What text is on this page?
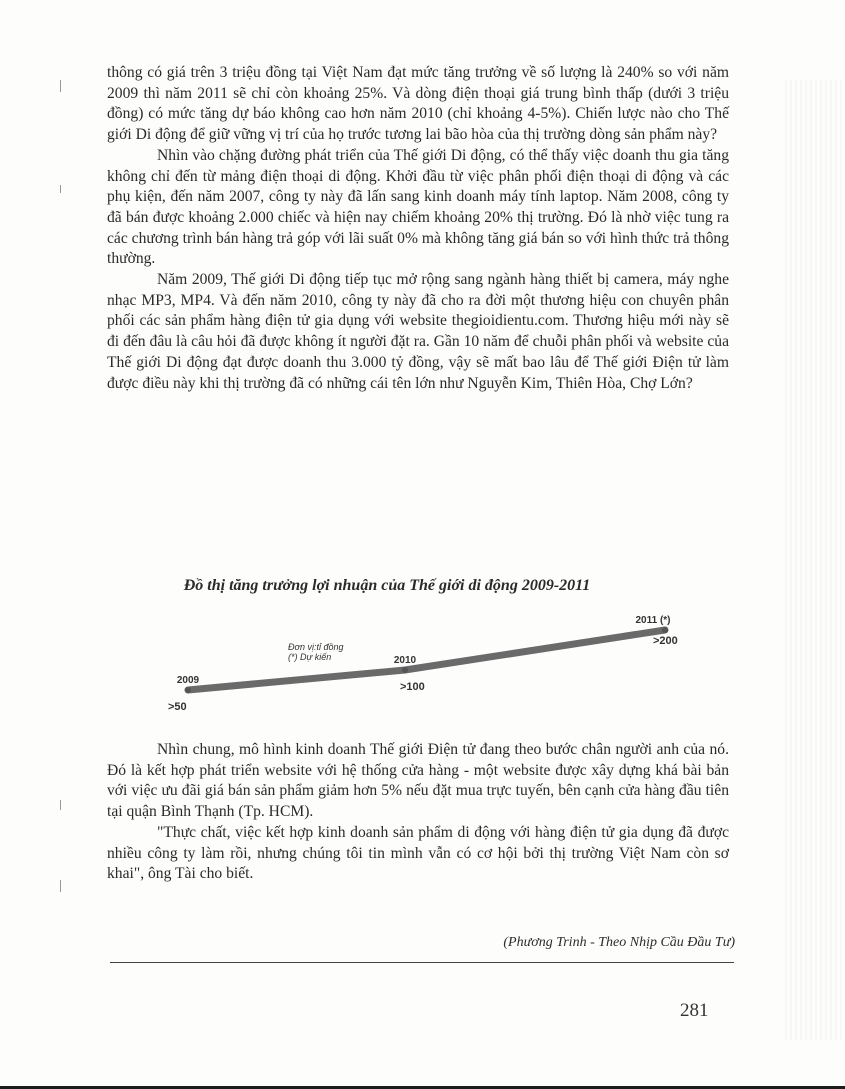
thông có giá trên 3 triệu đồng tại Việt Nam đạt mức tăng trưởng về số lượng là 240% so với năm 2009 thì năm 2011 sẽ chỉ còn khoảng 25%. Và dòng điện thoại giá trung bình thấp (dưới 3 triệu đồng) có mức tăng dự báo không cao hơn năm 2010 (chỉ khoảng 4-5%). Chiến lược nào cho Thế giới Di động để giữ vững vị trí của họ trước tương lai bão hòa của thị trường dòng sản phẩm này?

Nhìn vào chặng đường phát triển của Thế giới Di động, có thể thấy việc doanh thu gia tăng không chỉ đến từ mảng điện thoại di động. Khởi đầu từ việc phân phối điện thoại di động và các phụ kiện, đến năm 2007, công ty này đã lấn sang kinh doanh máy tính laptop. Năm 2008, công ty đã bán được khoảng 2.000 chiếc và hiện nay chiếm khoảng 20% thị trường. Đó là nhờ việc tung ra các chương trình bán hàng trả góp với lãi suất 0% mà không tăng giá bán so với hình thức trả thông thường.

Năm 2009, Thế giới Di động tiếp tục mở rộng sang ngành hàng thiết bị camera, máy nghe nhạc MP3, MP4. Và đến năm 2010, công ty này đã cho ra đời một thương hiệu con chuyên phân phối các sản phẩm hàng điện tử gia dụng với website thegioidientu.com. Thương hiệu mới này sẽ đi đến đâu là câu hỏi đã được không ít người đặt ra. Gần 10 năm để chuỗi phân phối và website của Thế giới Di động đạt được doanh thu 3.000 tỷ đồng, vậy sẽ mất bao lâu để Thế giới Điện tử làm được điều này khi thị trường đã có những cái tên lớn như Nguyễn Kim, Thiên Hòa, Chợ Lớn?

Đồ thị tăng trưởng lợi nhuận của Thế giới di động 2009-2011
Đơn vị:tỉ đồng
(*) Dự kiến
2009
>50
2010
>100
2011 (*)
>200

Nhìn chung, mô hình kinh doanh Thế giới Điện tử đang theo bước chân người anh của nó. Đó là kết hợp phát triển website với hệ thống cửa hàng - một website được xây dựng khá bài bản với việc ưu đãi giá bán sản phẩm giảm hơn 5% nếu đặt mua trực tuyến, bên cạnh cửa hàng đầu tiên tại quận Bình Thạnh (Tp. HCM).

"Thực chất, việc kết hợp kinh doanh sản phẩm di động với hàng điện tử gia dụng đã được nhiều công ty làm rồi, nhưng chúng tôi tin mình vẫn có cơ hội bởi thị trường Việt Nam còn sơ khai", ông Tài cho biết.

(Phương Trinh - Theo Nhịp Cầu Đầu Tư)
281
